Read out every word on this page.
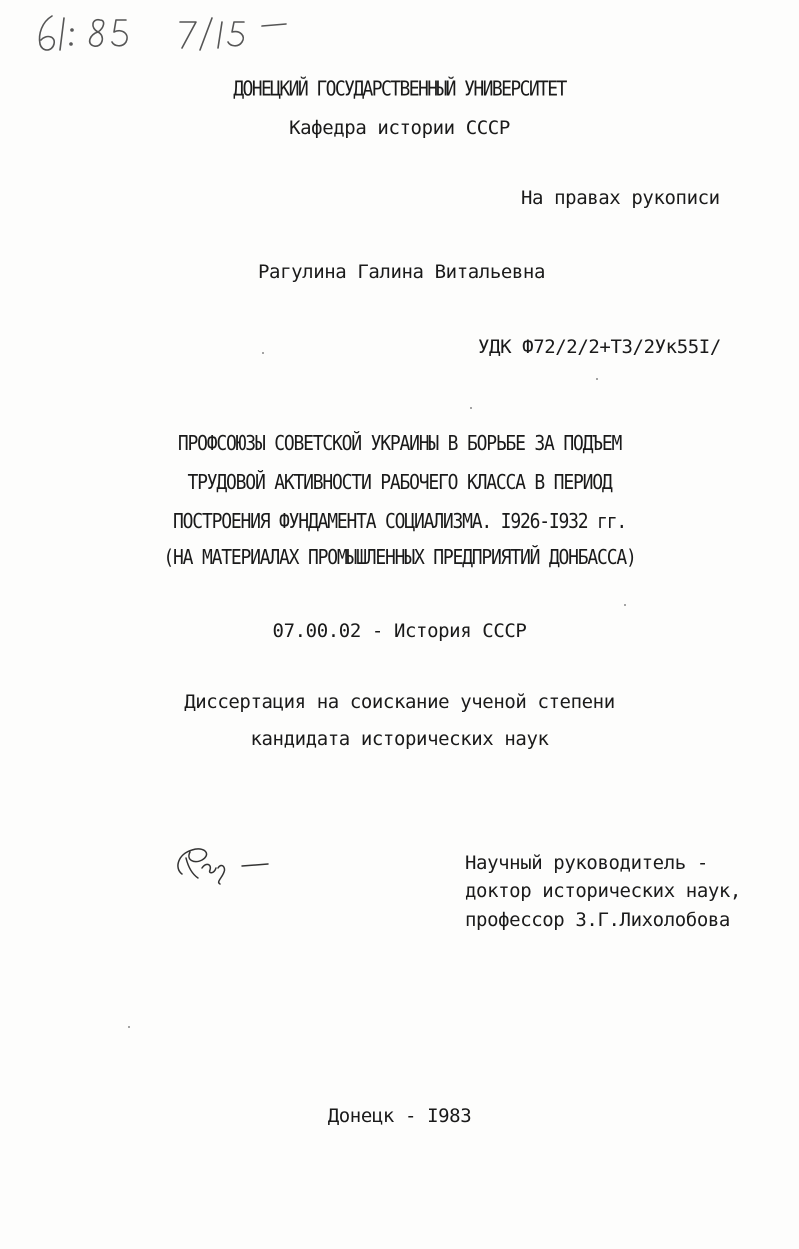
ДОНЕЦКИЙ ГОСУДАРСТВЕННЫЙ УНИВЕРСИТЕТ
Кафедра истории СССР
На правах рукописи
Рагулина Галина Витальевна
УДК Ф72/2/2+Т3/2Ук55I/
ПРОФСОЮЗЫ СОВЕТСКОЙ УКРАИНЫ В БОРЬБЕ ЗА ПОДЪЕМ
ТРУДОВОЙ АКТИВНОСТИ РАБОЧЕГО КЛАССА В ПЕРИОД
ПОСТРОЕНИЯ ФУНДАМЕНТА СОЦИАЛИЗМА. I926-I932 гг.
(НА МАТЕРИАЛАХ ПРОМЫШЛЕННЫХ ПРЕДПРИЯТИЙ ДОНБАССА)
07.00.02 - История СССР
Диссертация на соискание ученой степени
кандидата исторических наук
Научный руководитель -
доктор исторических наук,
профессор З.Г.Лихолобова
Донецк - I983
